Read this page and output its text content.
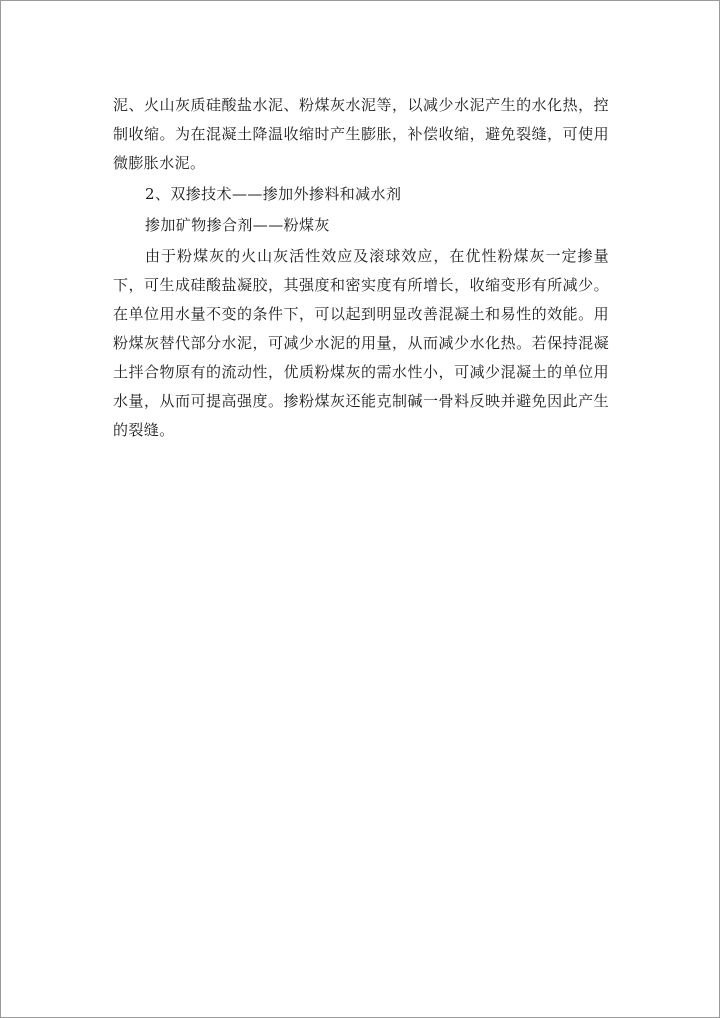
泥、火山灰质硅酸盐水泥、粉煤灰水泥等，以减少水泥产生的水化热，控制收缩。为在混凝土降温收缩时产生膨胀，补偿收缩，避免裂缝，可使用微膨胀水泥。

2、双掺技术——掺加外掺料和减水剂

掺加矿物掺合剂——粉煤灰

由于粉煤灰的火山灰活性效应及滚球效应，在优性粉煤灰一定掺量下，可生成硅酸盐凝胶，其强度和密实度有所增长，收缩变形有所减少。在单位用水量不变的条件下，可以起到明显改善混凝土和易性的效能。用粉煤灰替代部分水泥，可减少水泥的用量，从而减少水化热。若保持混凝土拌合物原有的流动性，优质粉煤灰的需水性小，可减少混凝土的单位用水量，从而可提高强度。掺粉煤灰还能克制碱一骨料反映并避免因此产生的裂缝。
